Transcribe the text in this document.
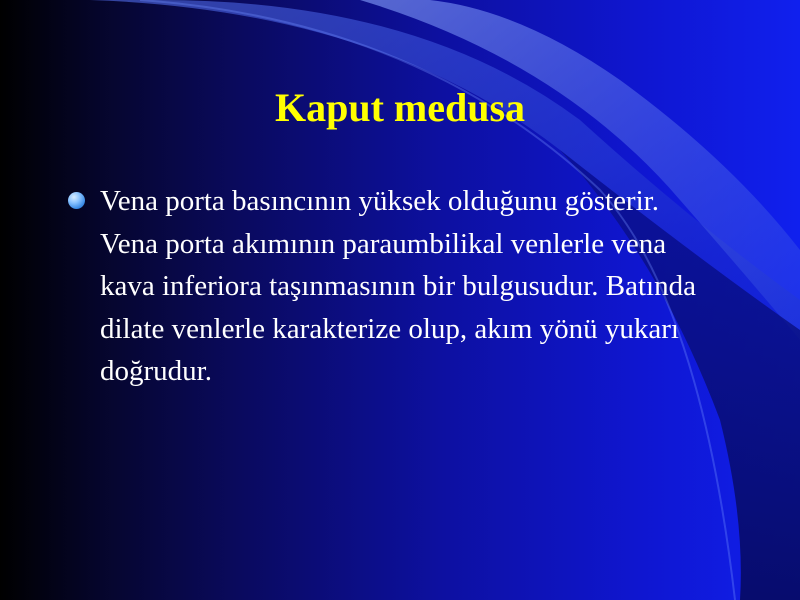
Kaput medusa
Vena porta basıncının yüksek olduğunu gösterir. Vena porta akımının paraumbilikal venlerle vena kava inferiora taşınmasının bir bulgusudur. Batında dilate venlerle karakterize olup, akım yönü yukarı doğrudur.
